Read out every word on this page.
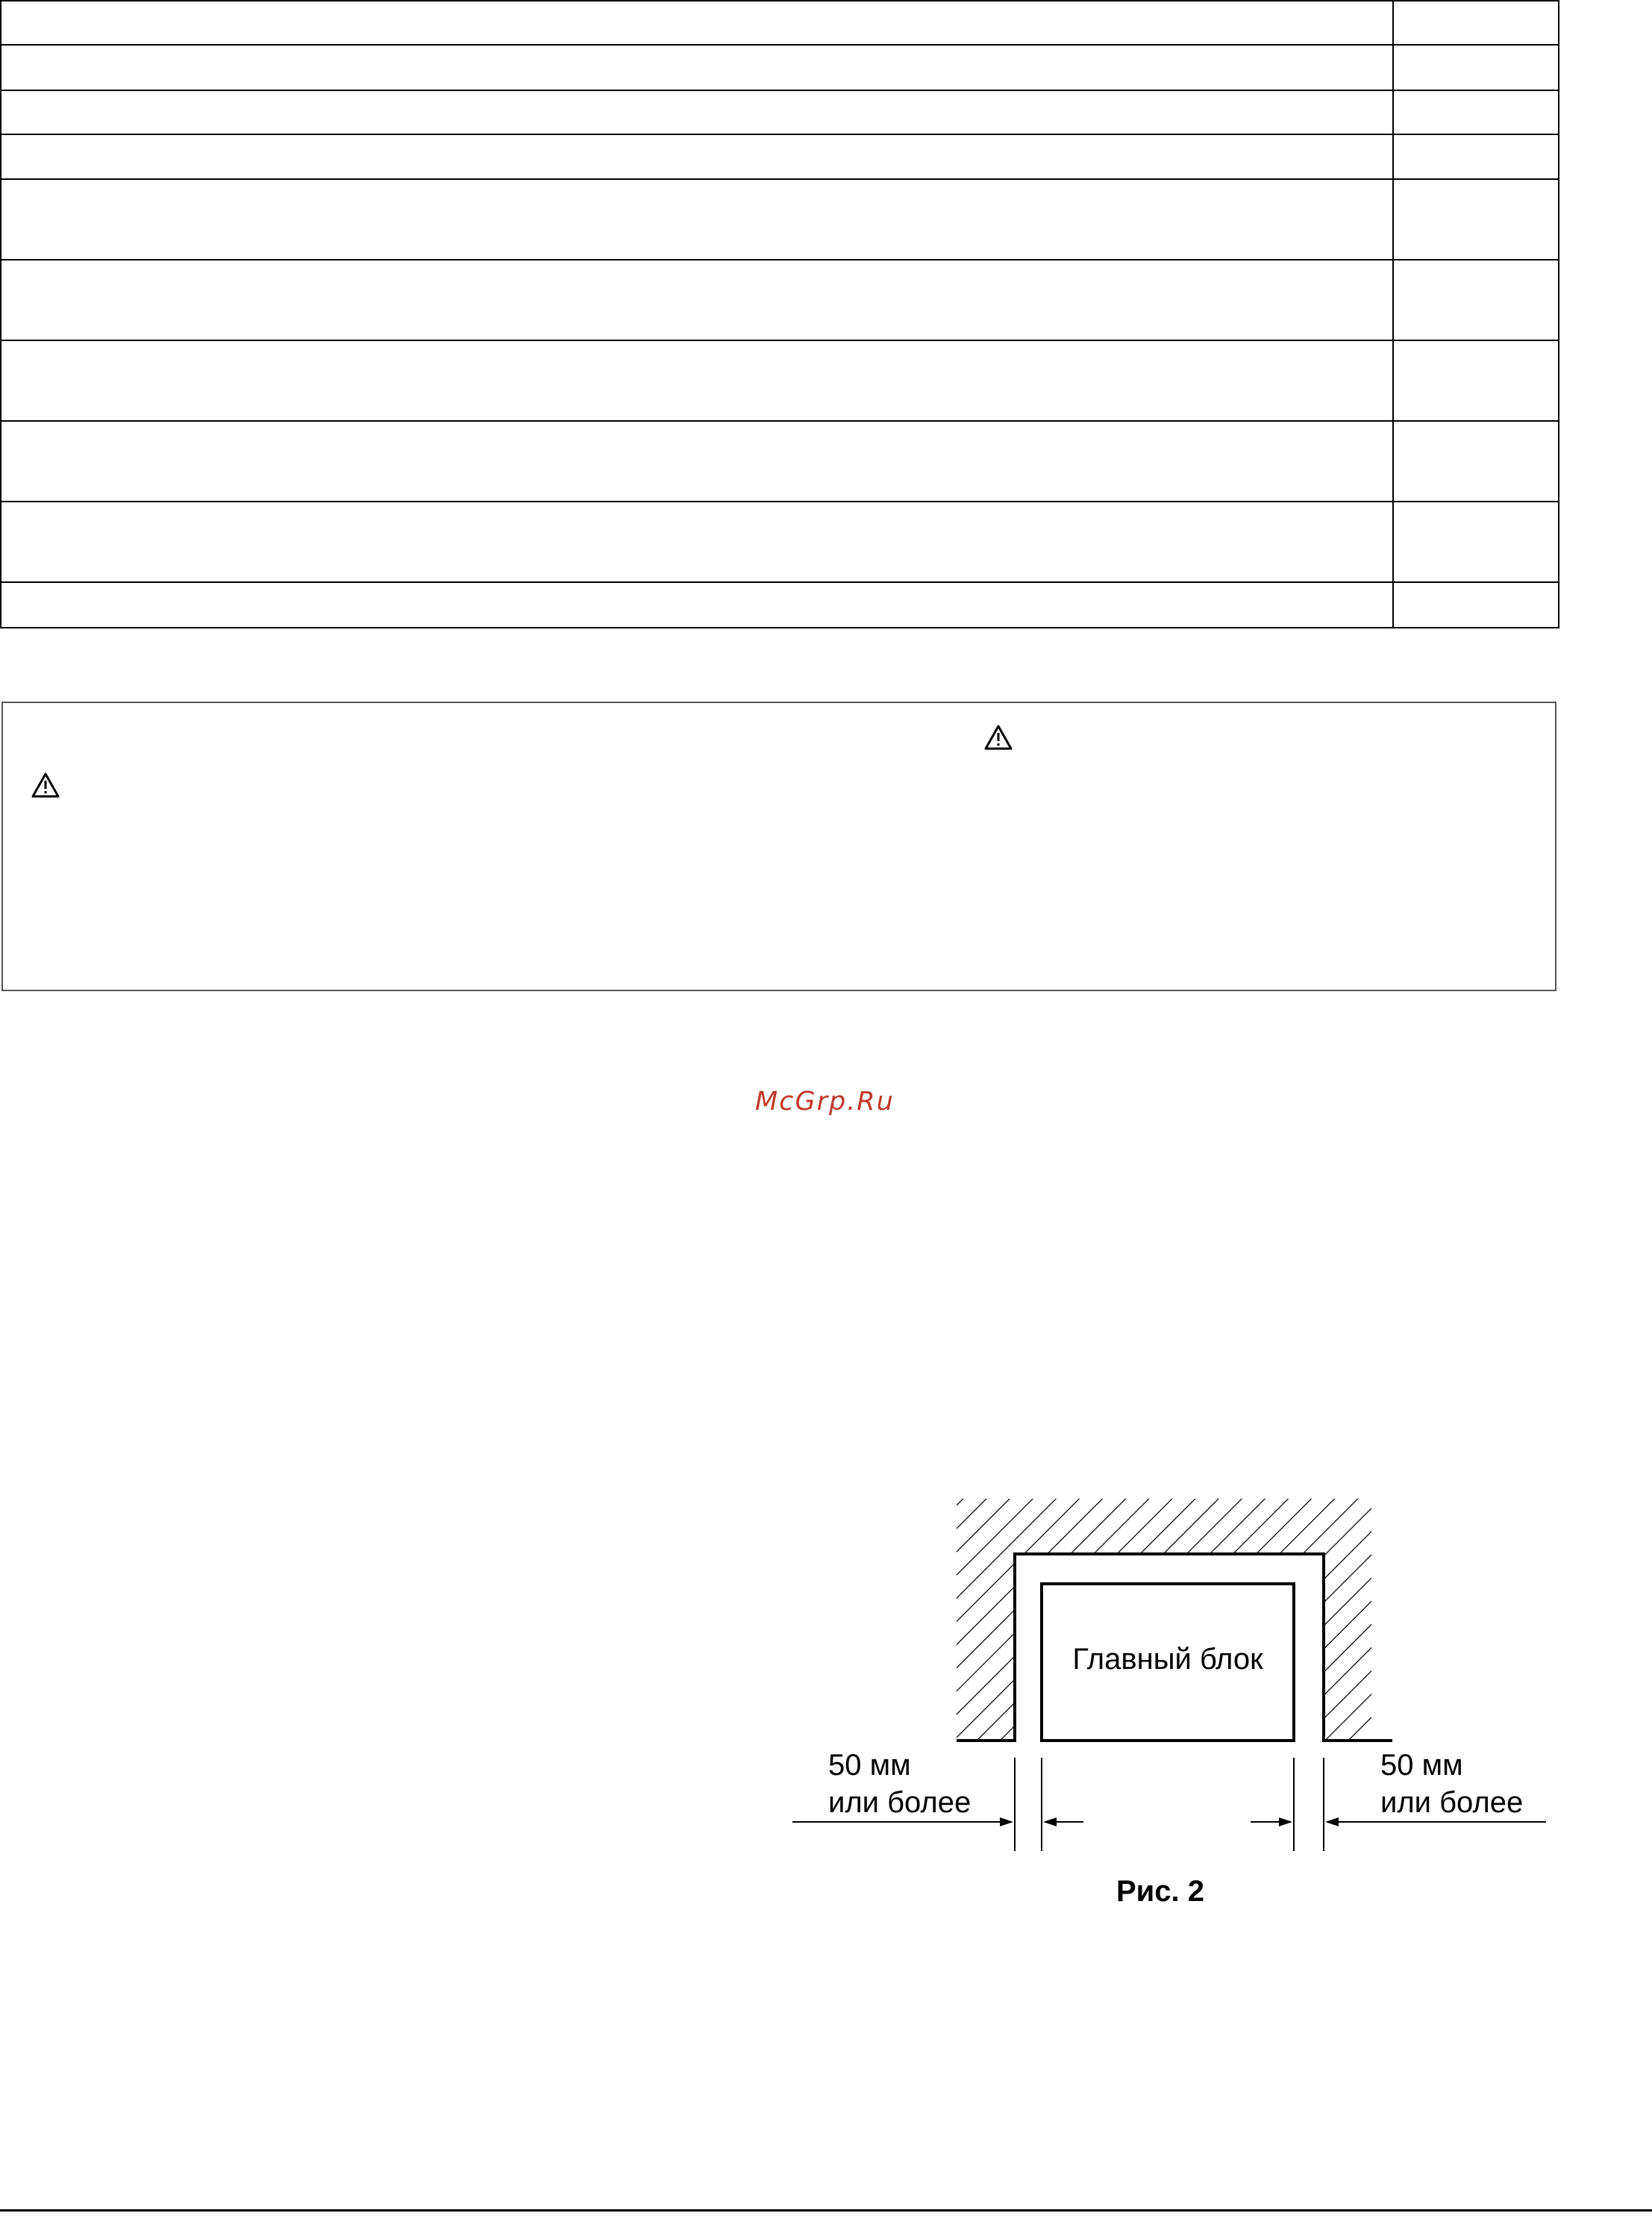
McGrp.Ru
Главный блок
50 мм
или более
50 мм
или более
Рис. 2
